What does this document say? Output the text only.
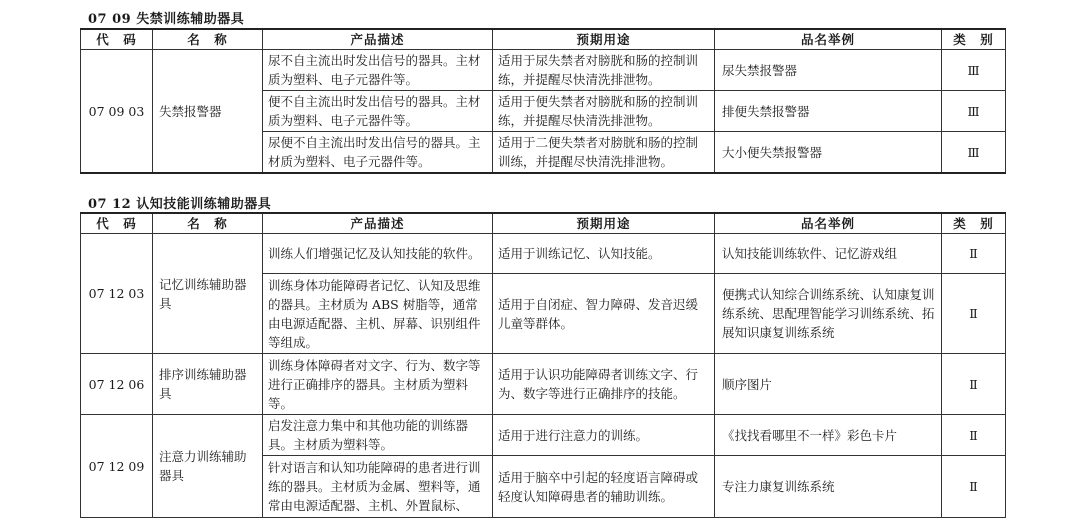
07 09 失禁训练辅助器具
代　码	名　称	产品描述	预期用途	品名举例	类　别
07 09 03	失禁报警器	尿不自主流出时发出信号的器具。主材质为塑料、电子元器件等。	适用于尿失禁者对膀胱和肠的控制训练，并提醒尽快清洗排泄物。	尿失禁报警器	Ⅲ
		便不自主流出时发出信号的器具。主材质为塑料、电子元器件等。	适用于便失禁者对膀胱和肠的控制训练，并提醒尽快清洗排泄物。	排便失禁报警器	Ⅲ
		尿便不自主流出时发出信号的器具。主材质为塑料、电子元器件等。	适用于二便失禁者对膀胱和肠的控制训练，并提醒尽快清洗排泄物。	大小便失禁报警器	Ⅲ
07 12 认知技能训练辅助器具
代　码	名　称	产品描述	预期用途	品名举例	类　别
07 12 03	记忆训练辅助器具	训练人们增强记忆及认知技能的软件。	适用于训练记忆、认知技能。	认知技能训练软件、记忆游戏组	Ⅱ
		训练身体功能障碍者记忆、认知及思维的器具。主材质为 ABS 树脂等，通常由电源适配器、主机、屏幕、识别组件等组成。	适用于自闭症、智力障碍、发音迟缓儿童等群体。	便携式认知综合训练系统、认知康复训练系统、思配理智能学习训练系统、拓展知识康复训练系统	Ⅱ
07 12 06	排序训练辅助器具	训练身体障碍者对文字、行为、数字等进行正确排序的器具。主材质为塑料等。	适用于认识功能障碍者训练文字、行为、数字等进行正确排序的技能。	顺序图片	Ⅱ
07 12 09	注意力训练辅助器具	启发注意力集中和其他功能的训练器具。主材质为塑料等。	适用于进行注意力的训练。	《找找看哪里不一样》彩色卡片	Ⅱ
		针对语言和认知功能障碍的患者进行训练的器具。主材质为金属、塑料等，通常由电源适配器、主机、外置鼠标、	适用于脑卒中引起的轻度语言障碍或轻度认知障碍患者的辅助训练。	专注力康复训练系统	Ⅱ
